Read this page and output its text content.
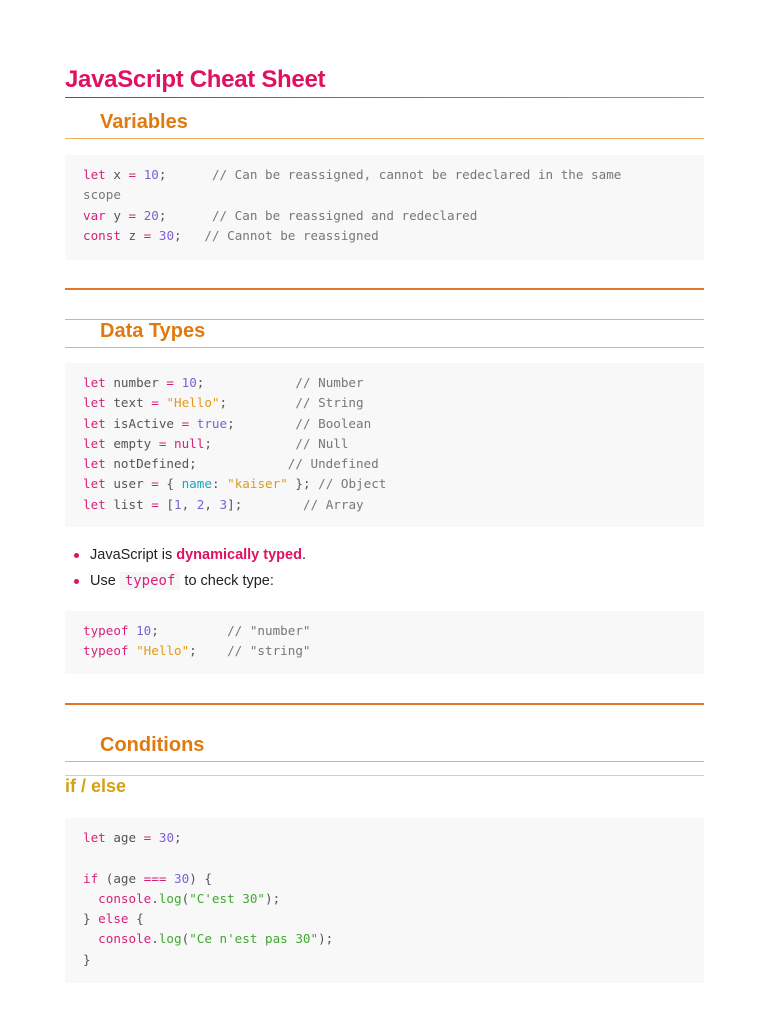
JavaScript Cheat Sheet
Variables
let x = 10;      // Can be reassigned, cannot be redeclared in the same
scope
var y = 20;      // Can be reassigned and redeclared
const z = 30;   // Cannot be reassigned
Data Types
let number = 10;            // Number
let text = "Hello";         // String
let isActive = true;        // Boolean
let empty = null;           // Null
let notDefined;            // Undefined
let user = { name: "kaiser" }; // Object
let list = [1, 2, 3];        // Array
JavaScript is dynamically typed.
Use typeof to check type:
typeof 10;         // "number"
typeof "Hello";    // "string"
Conditions
if / else
let age = 30;

if (age === 30) {
console.log("C'est 30");
} else {
console.log("Ce n'est pas 30");
}
